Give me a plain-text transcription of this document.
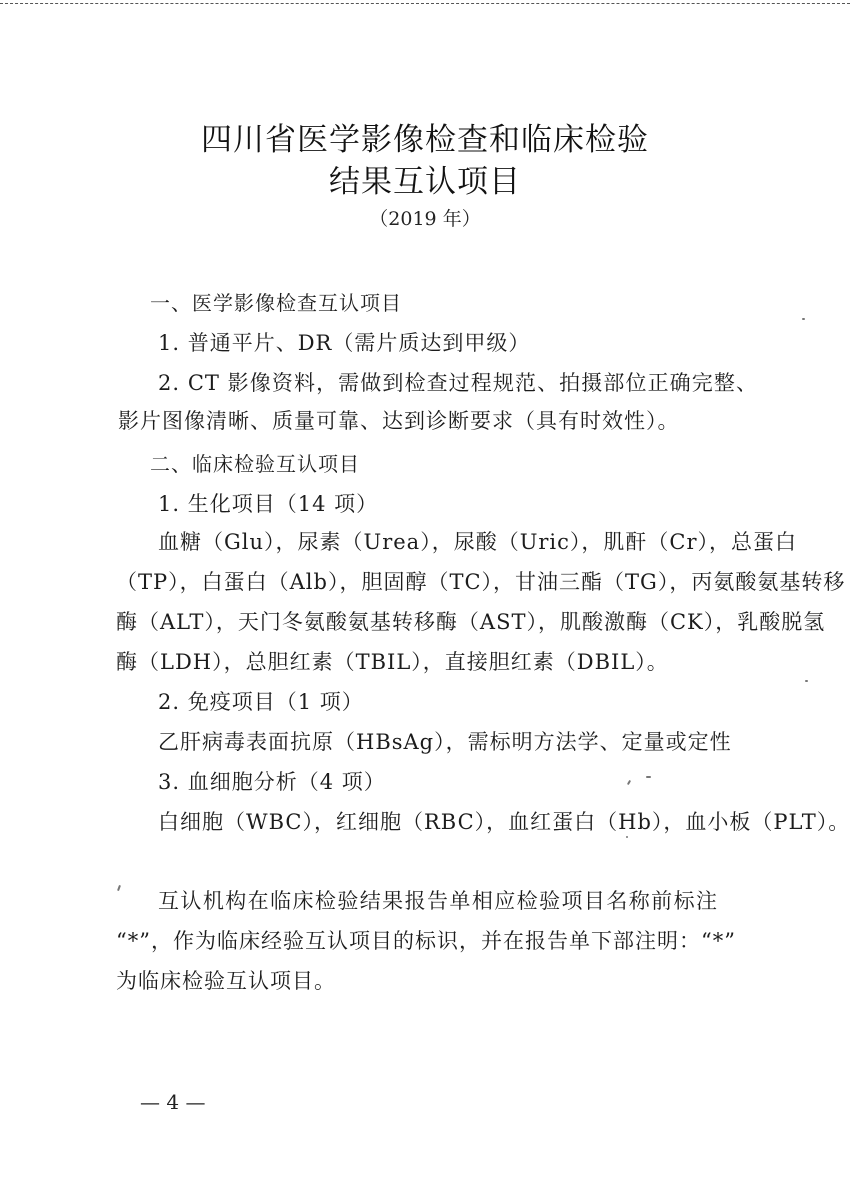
四川省医学影像检查和临床检验
结果互认项目
（2019 年）
一、医学影像检查互认项目
1. 普通平片、DR（需片质达到甲级）
2. CT 影像资料，需做到检查过程规范、拍摄部位正确完整、
影片图像清晰、质量可靠、达到诊断要求（具有时效性）。
二、临床检验互认项目
1. 生化项目（14 项）
血糖（Glu），尿素（Urea），尿酸（Uric），肌酐（Cr），总蛋白
（TP），白蛋白（Alb），胆固醇（TC），甘油三酯（TG），丙氨酸氨基转移
酶（ALT），天门冬氨酸氨基转移酶（AST），肌酸激酶（CK），乳酸脱氢
酶（LDH），总胆红素（TBIL），直接胆红素（DBIL）。
2. 免疫项目（1 项）
乙肝病毒表面抗原（HBsAg），需标明方法学、定量或定性
3. 血细胞分析（4 项）
白细胞（WBC），红细胞（RBC），血红蛋白（Hb），血小板（PLT）。
互认机构在临床检验结果报告单相应检验项目名称前标注
“*”，作为临床经验互认项目的标识，并在报告单下部注明：“*”
为临床检验互认项目。
— 4 —
